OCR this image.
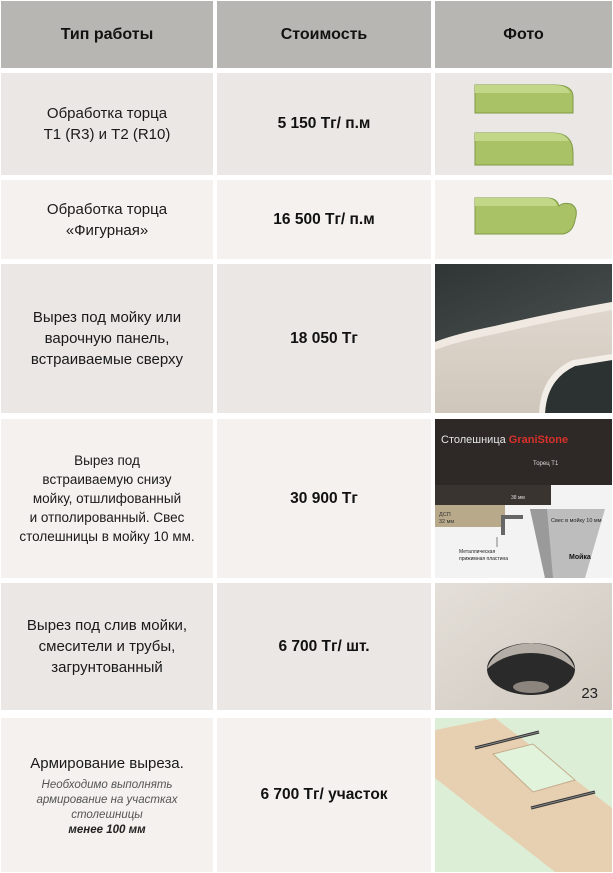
Тип работы	Стоимость	Фото
Обработка торца
Т1 (R3) и Т2 (R10)
5 150 Тг/ п.м
Обработка торца
«Фигурная»
16 500 Тг/ п.м
Вырез под мойку или
варочную панель,
встраиваемые сверху
18 050 Тг
Вырез под
встраиваемую снизу
мойку, отшлифованный
и отполированный. Свес
столешницы в мойку 10 мм.
30 900 Тг
Столешница GraniStone
Торец Т1
ДСП
32 мм
38 мм
Металлическая
прижимная пластина
Свес в мойку 10 мм
Мойка
Вырез под слив мойки,
смесители и трубы,
загрунтованный
6 700 Тг/ шт.
23
Армирование выреза.
Необходимо выполнять
армирование на участках
столешницы
менее 100 мм
6 700 Тг/ участок
